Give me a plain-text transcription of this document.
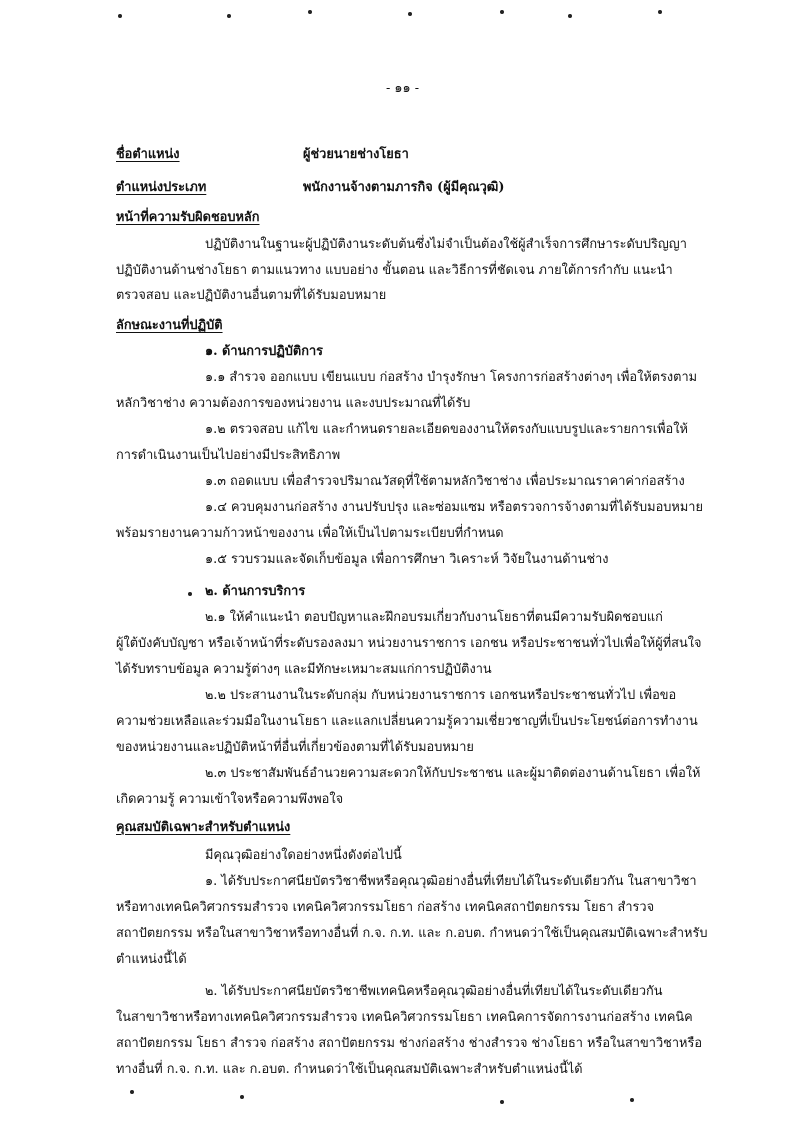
- ๑๑ -
ชื่อตำแหน่ง	ผู้ช่วยนายช่างโยธา
ตำแหน่งประเภท	พนักงานจ้างตามภารกิจ (ผู้มีคุณวุฒิ)
หน้าที่ความรับผิดชอบหลัก
ปฏิบัติงานในฐานะผู้ปฏิบัติงานระดับต้นซึ่งไม่จำเป็นต้องใช้ผู้สำเร็จการศึกษาระดับปริญญา
ปฏิบัติงานด้านช่างโยธา ตามแนวทาง แบบอย่าง ขั้นตอน และวิธีการที่ชัดเจน ภายใต้การกำกับ แนะนำ
ตรวจสอบ และปฏิบัติงานอื่นตามที่ได้รับมอบหมาย
ลักษณะงานที่ปฏิบัติ
๑. ด้านการปฏิบัติการ
๑.๑ สำรวจ ออกแบบ เขียนแบบ ก่อสร้าง บำรุงรักษา โครงการก่อสร้างต่างๆ เพื่อให้ตรงตาม
หลักวิชาช่าง ความต้องการของหน่วยงาน และงบประมาณที่ได้รับ
๑.๒ ตรวจสอบ แก้ไข และกำหนดรายละเอียดของงานให้ตรงกับแบบรูปและรายการเพื่อให้
การดำเนินงานเป็นไปอย่างมีประสิทธิภาพ
๑.๓ ถอดแบบ เพื่อสำรวจปริมาณวัสดุที่ใช้ตามหลักวิชาช่าง เพื่อประมาณราคาค่าก่อสร้าง
๑.๔ ควบคุมงานก่อสร้าง งานปรับปรุง และซ่อมแซม หรือตรวจการจ้างตามที่ได้รับมอบหมาย
พร้อมรายงานความก้าวหน้าของงาน เพื่อให้เป็นไปตามระเบียบที่กำหนด
๑.๕ รวบรวมและจัดเก็บข้อมูล เพื่อการศึกษา วิเคราะห์ วิจัยในงานด้านช่าง
๒. ด้านการบริการ
๒.๑ ให้คำแนะนำ ตอบปัญหาและฝึกอบรมเกี่ยวกับงานโยธาที่ตนมีความรับผิดชอบแก่
ผู้ใต้บังคับบัญชา หรือเจ้าหน้าที่ระดับรองลงมา หน่วยงานราชการ เอกชน หรือประชาชนทั่วไปเพื่อให้ผู้ที่สนใจ
ได้รับทราบข้อมูล ความรู้ต่างๆ และมีทักษะเหมาะสมแก่การปฏิบัติงาน
๒.๒ ประสานงานในระดับกลุ่ม กับหน่วยงานราชการ เอกชนหรือประชาชนทั่วไป เพื่อขอ
ความช่วยเหลือและร่วมมือในงานโยธา และแลกเปลี่ยนความรู้ความเชี่ยวชาญที่เป็นประโยชน์ต่อการทำงาน
ของหน่วยงานและปฏิบัติหน้าที่อื่นที่เกี่ยวข้องตามที่ได้รับมอบหมาย
๒.๓ ประชาสัมพันธ์อำนวยความสะดวกให้กับประชาชน และผู้มาติดต่องานด้านโยธา เพื่อให้
เกิดความรู้ ความเข้าใจหรือความพึงพอใจ
คุณสมบัติเฉพาะสำหรับตำแหน่ง
มีคุณวุฒิอย่างใดอย่างหนึ่งดังต่อไปนี้
๑. ได้รับประกาศนียบัตรวิชาชีพหรือคุณวุฒิอย่างอื่นที่เทียบได้ในระดับเดียวกัน ในสาขาวิชา
หรือทางเทคนิควิศวกรรมสำรวจ เทคนิควิศวกรรมโยธา ก่อสร้าง เทคนิคสถาปัตยกรรม โยธา สำรวจ
สถาปัตยกรรม หรือในสาขาวิชาหรือทางอื่นที่ ก.จ. ก.ท. และ ก.อบต. กำหนดว่าใช้เป็นคุณสมบัติเฉพาะสำหรับ
ตำแหน่งนี้ได้
๒. ได้รับประกาศนียบัตรวิชาชีพเทคนิคหรือคุณวุฒิอย่างอื่นที่เทียบได้ในระดับเดียวกัน
ในสาขาวิชาหรือทางเทคนิควิศวกรรมสำรวจ เทคนิควิศวกรรมโยธา เทคนิคการจัดการงานก่อสร้าง เทคนิค
สถาปัตยกรรม โยธา สำรวจ ก่อสร้าง สถาปัตยกรรม ช่างก่อสร้าง ช่างสำรวจ ช่างโยธา หรือในสาขาวิชาหรือ
ทางอื่นที่ ก.จ. ก.ท. และ ก.อบต. กำหนดว่าใช้เป็นคุณสมบัติเฉพาะสำหรับตำแหน่งนี้ได้
